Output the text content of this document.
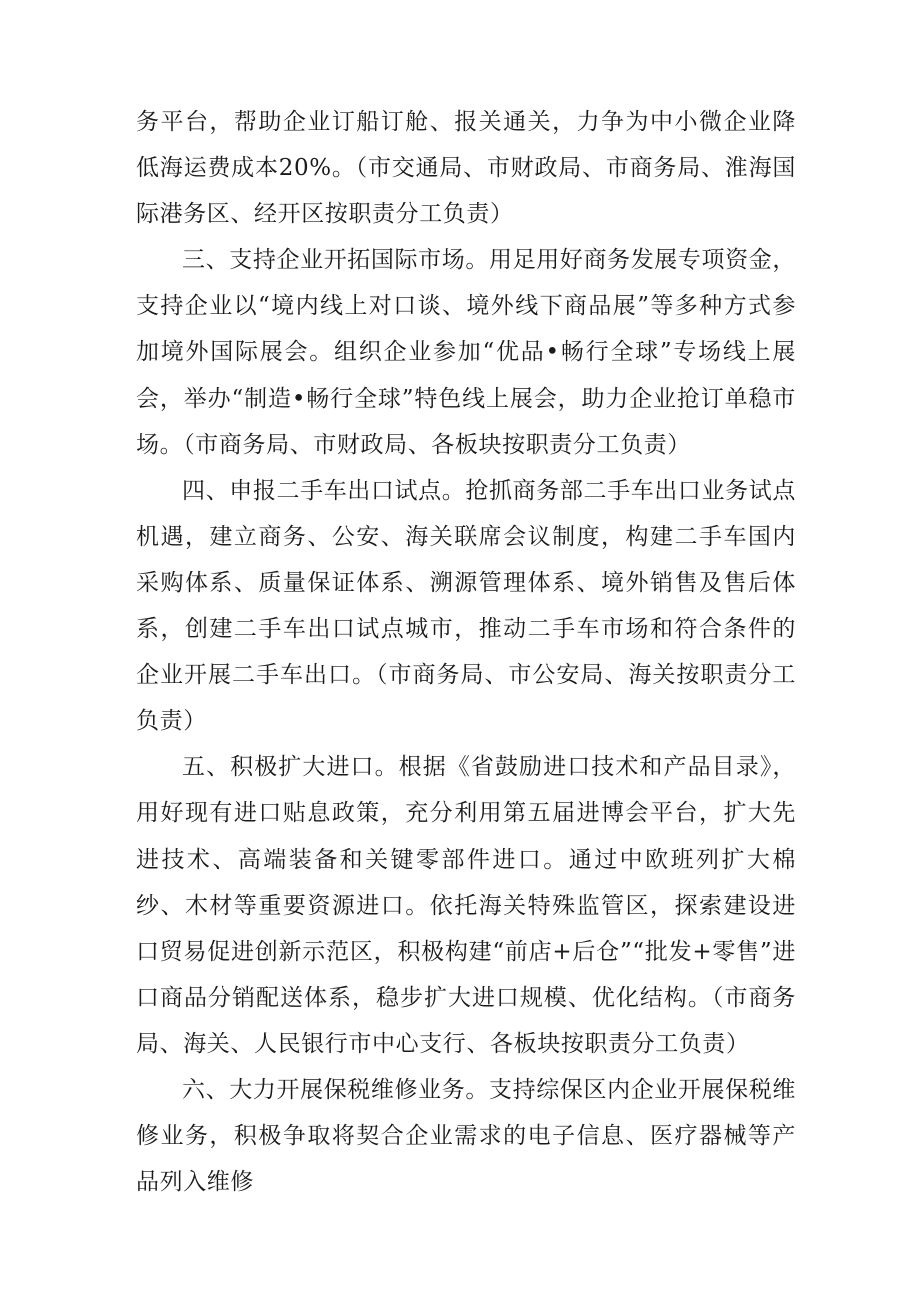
务平台，帮助企业订船订舱、报关通关，力争为中小微企业降低海运费成本20%。（市交通局、市财政局、市商务局、淮海国际港务区、经开区按职责分工负责）

三、支持企业开拓国际市场。用足用好商务发展专项资金，支持企业以“境内线上对口谈、境外线下商品展”等多种方式参加境外国际展会。组织企业参加“优品•畅行全球”专场线上展会，举办“制造•畅行全球”特色线上展会，助力企业抢订单稳市场。（市商务局、市财政局、各板块按职责分工负责）

四、申报二手车出口试点。抢抓商务部二手车出口业务试点机遇，建立商务、公安、海关联席会议制度，构建二手车国内采购体系、质量保证体系、溯源管理体系、境外销售及售后体系，创建二手车出口试点城市，推动二手车市场和符合条件的企业开展二手车出口。（市商务局、市公安局、海关按职责分工负责）

五、积极扩大进口。根据《省鼓励进口技术和产品目录》，用好现有进口贴息政策，充分利用第五届进博会平台，扩大先进技术、高端装备和关键零部件进口。通过中欧班列扩大棉纱、木材等重要资源进口。依托海关特殊监管区，探索建设进口贸易促进创新示范区，积极构建“前店+后仓”“批发+零售”进口商品分销配送体系，稳步扩大进口规模、优化结构。（市商务局、海关、人民银行市中心支行、各板块按职责分工负责）

六、大力开展保税维修业务。支持综保区内企业开展保税维修业务，积极争取将契合企业需求的电子信息、医疗器械等产品列入维修
